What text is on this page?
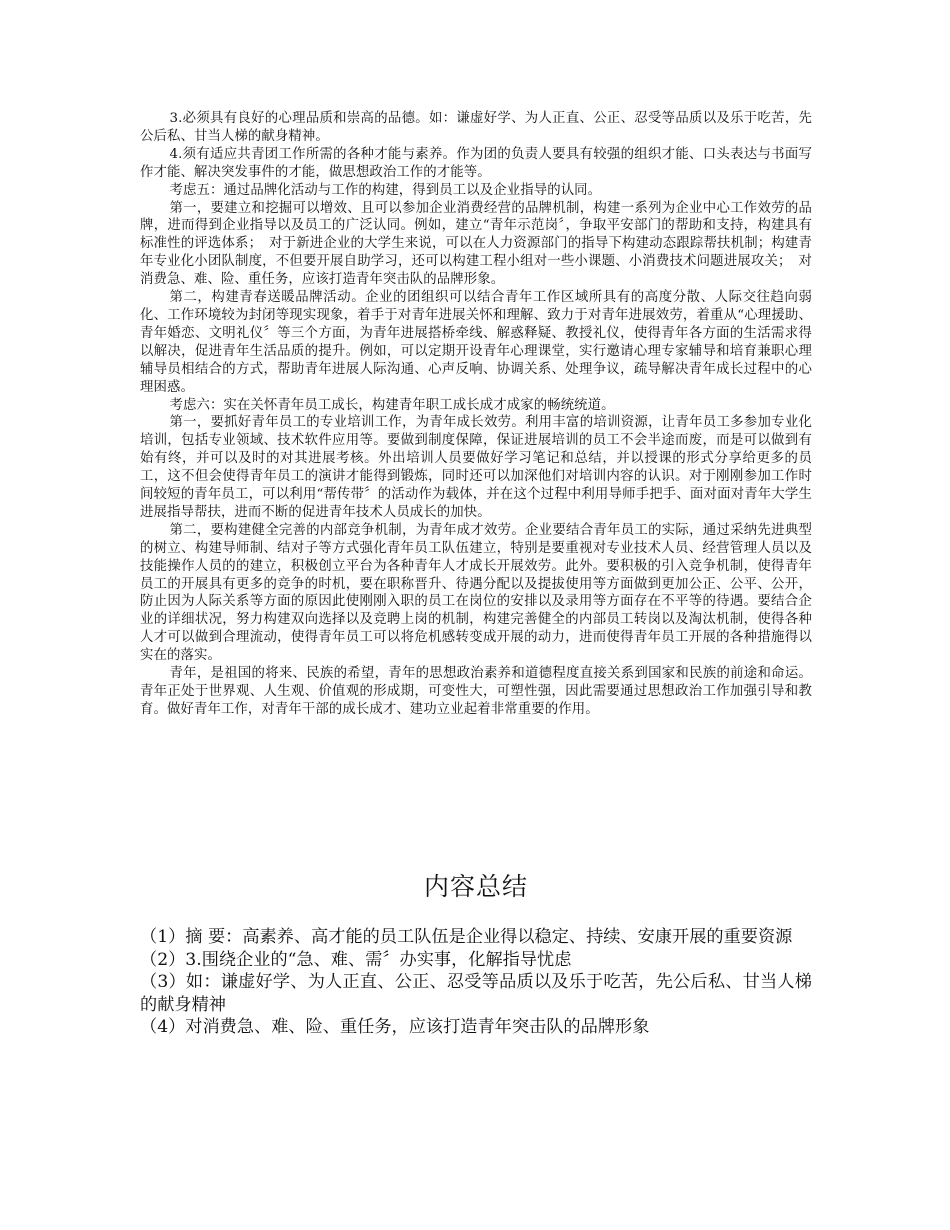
3.必须具有良好的心理品质和崇高的品德。如：谦虚好学、为人正直、公正、忍受等品质以及乐于吃苦，先公后私、甘当人梯的献身精神。

4.须有适应共青团工作所需的各种才能与素养。作为团的负责人要具有较强的组织才能、口头表达与书面写作才能、解决突发事件的才能，做思想政治工作的才能等。

考虑五：通过品牌化活动与工作的构建，得到员工以及企业指导的认同。

第一，要建立和挖掘可以增效、且可以参加企业消费经营的品牌机制，构建一系列为企业中心工作效劳的品牌，进而得到企业指导以及员工的广泛认同。例如，建立“青年示范岗〞，争取平安部门的帮助和支持，构建具有标准性的评选体系；　对于新进企业的大学生来说，可以在人力资源部门的指导下构建动态跟踪帮扶机制；构建青年专业化小团队制度，不但要开展自助学习，还可以构建工程小组对一些小课题、小消费技术问题进展攻关；　对消费急、难、险、重任务，应该打造青年突击队的品牌形象。

第二，构建青春送暖品牌活动。企业的团组织可以结合青年工作区域所具有的高度分散、人际交往趋向弱化、工作环境较为封闭等现实现象，着手于对青年进展关怀和理解、致力于对青年进展效劳，着重从“心理援助、青年婚恋、文明礼仪〞等三个方面，为青年进展搭桥牵线、解惑释疑、教授礼仪，使得青年各方面的生活需求得以解决，促进青年生活品质的提升。例如，可以定期开设青年心理课堂，实行邀请心理专家辅导和培育兼职心理辅导员相结合的方式，帮助青年进展人际沟通、心声反响、协调关系、处理争议，疏导解决青年成长过程中的心理困惑。

考虑六：实在关怀青年员工成长，构建青年职工成长成才成家的畅统统道。

第一，要抓好青年员工的专业培训工作，为青年成长效劳。利用丰富的培训资源，让青年员工多参加专业化培训，包括专业领域、技术软件应用等。要做到制度保障，保证进展培训的员工不会半途而废，而是可以做到有始有终，并可以及时的对其进展考核。外出培训人员要做好学习笔记和总结，并以授课的形式分享给更多的员工，这不但会使得青年员工的演讲才能得到锻炼，同时还可以加深他们对培训内容的认识。对于刚刚参加工作时间较短的青年员工，可以利用“帮传带〞的活动作为载体，并在这个过程中利用导师手把手、面对面对青年大学生进展指导帮扶，进而不断的促进青年技术人员成长的加快。

第二，要构建健全完善的内部竞争机制，为青年成才效劳。企业要结合青年员工的实际，通过采纳先进典型的树立、构建导师制、结对子等方式强化青年员工队伍建立，特别是要重视对专业技术人员、经营管理人员以及技能操作人员的的建立，积极创立平台为各种青年人才成长开展效劳。此外。要积极的引入竞争机制，使得青年员工的开展具有更多的竞争的时机，要在职称晋升、待遇分配以及提拔使用等方面做到更加公正、公平、公开，防止因为人际关系等方面的原因此使刚刚入职的员工在岗位的安排以及录用等方面存在不平等的待遇。要结合企业的详细状况，努力构建双向选择以及竞聘上岗的机制，构建完善健全的内部员工转岗以及淘汰机制，使得各种人才可以做到合理流动，使得青年员工可以将危机感转变成开展的动力，进而使得青年员工开展的各种措施得以实在的落实。

青年，是祖国的将来、民族的希望，青年的思想政治素养和道德程度直接关系到国家和民族的前途和命运。青年正处于世界观、人生观、价值观的形成期，可变性大，可塑性强，因此需要通过思想政治工作加强引导和教育。做好青年工作，对青年干部的成长成才、建功立业起着非常重要的作用。

内容总结

（1）摘 要：高素养、高才能的员工队伍是企业得以稳定、持续、安康开展的重要资源

（2）3.围绕企业的“急、难、需〞办实事，化解指导忧虑

（3）如：谦虚好学、为人正直、公正、忍受等品质以及乐于吃苦，先公后私、甘当人梯的献身精神

（4）对消费急、难、险、重任务，应该打造青年突击队的品牌形象
